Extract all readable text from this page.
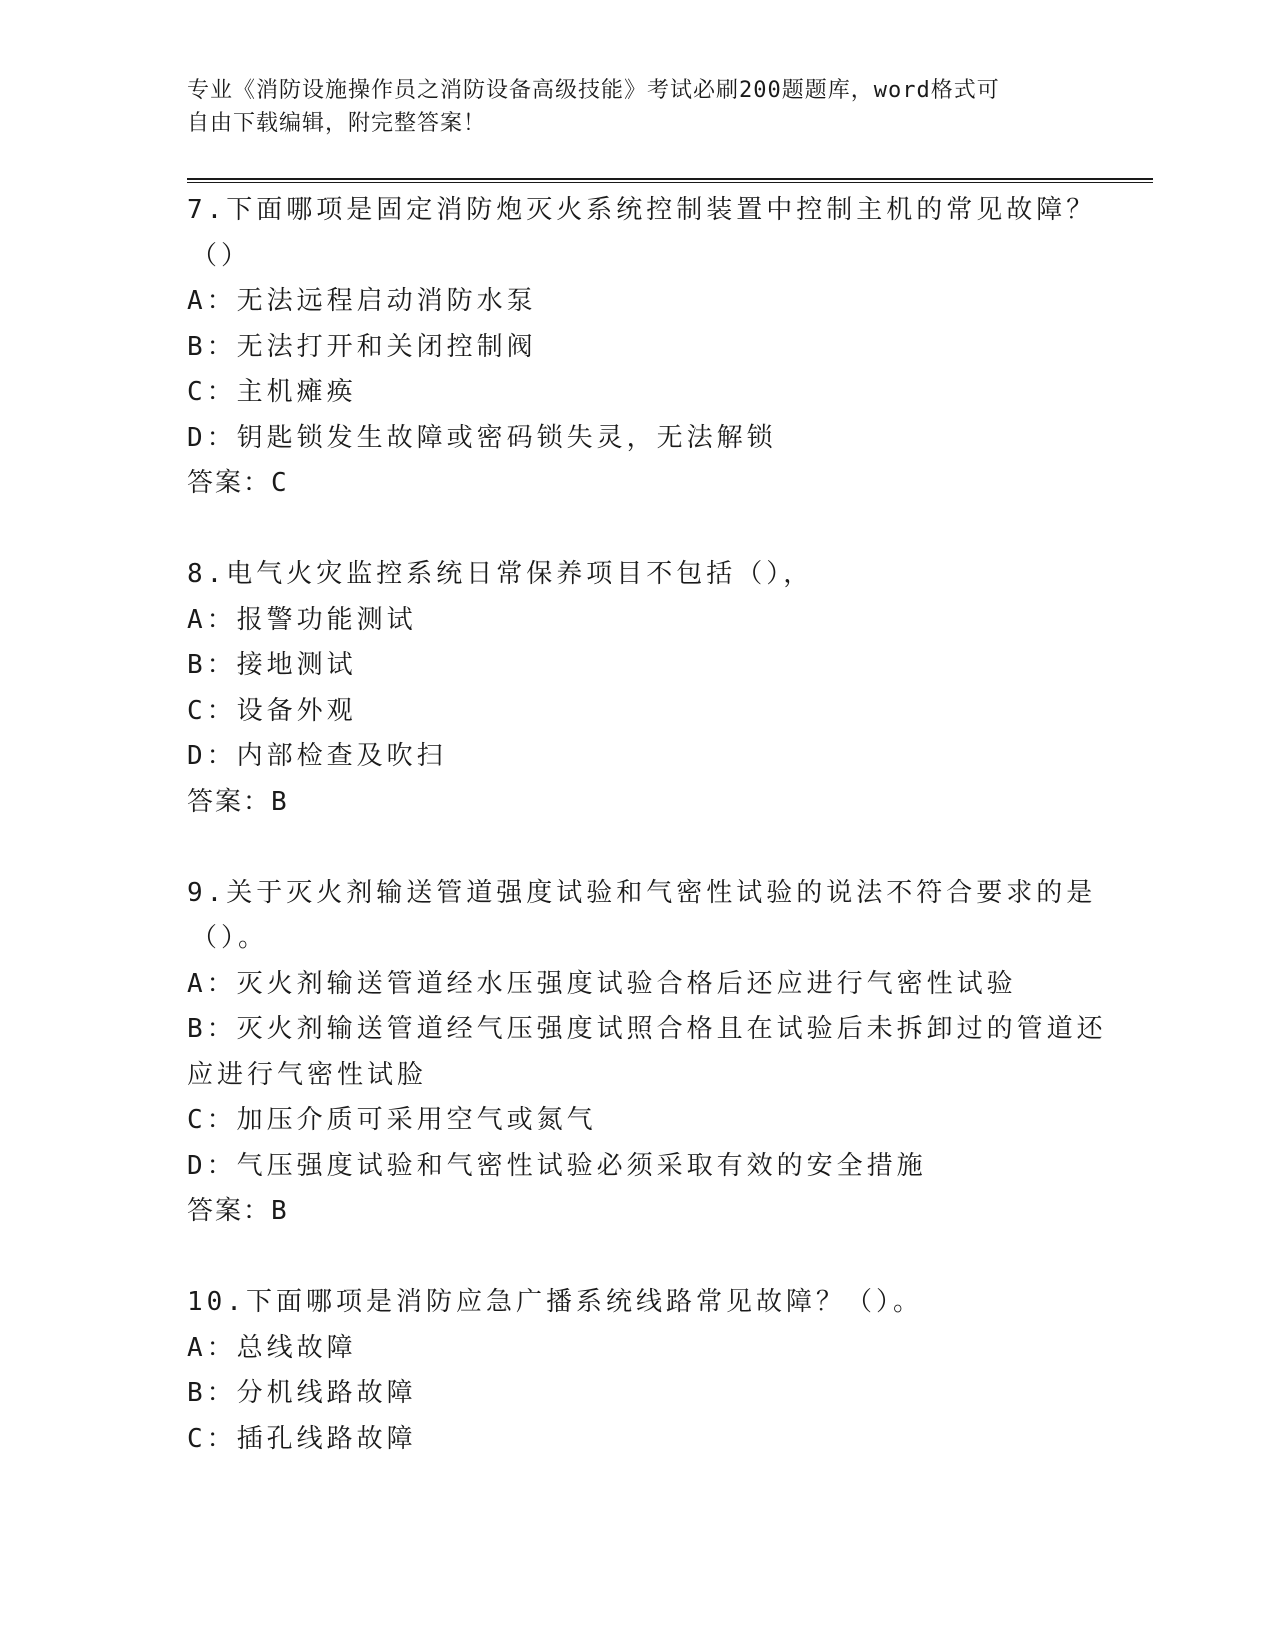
专业《消防设施操作员之消防设备高级技能》考试必刷200题题库，word格式可
自由下载编辑，附完整答案！
7.下面哪项是固定消防炮灭火系统控制装置中控制主机的常见故障？
（）
A：无法远程启动消防水泵
B：无法打开和关闭控制阀
C：主机瘫痪
D：钥匙锁发生故障或密码锁失灵，无法解锁
答案：C
8.电气火灾监控系统日常保养项目不包括（），
A：报警功能测试
B：接地测试
C：设备外观
D：内部检查及吹扫
答案：B
9.关于灭火剂输送管道强度试验和气密性试验的说法不符合要求的是
（）。
A：灭火剂输送管道经水压强度试验合格后还应进行气密性试验
B：灭火剂输送管道经气压强度试照合格且在试验后未拆卸过的管道还
应进行气密性试脸
C：加压介质可采用空气或氮气
D：气压强度试验和气密性试验必须采取有效的安全措施
答案：B
10.下面哪项是消防应急广播系统线路常见故障？（）。
A：总线故障
B：分机线路故障
C：插孔线路故障
